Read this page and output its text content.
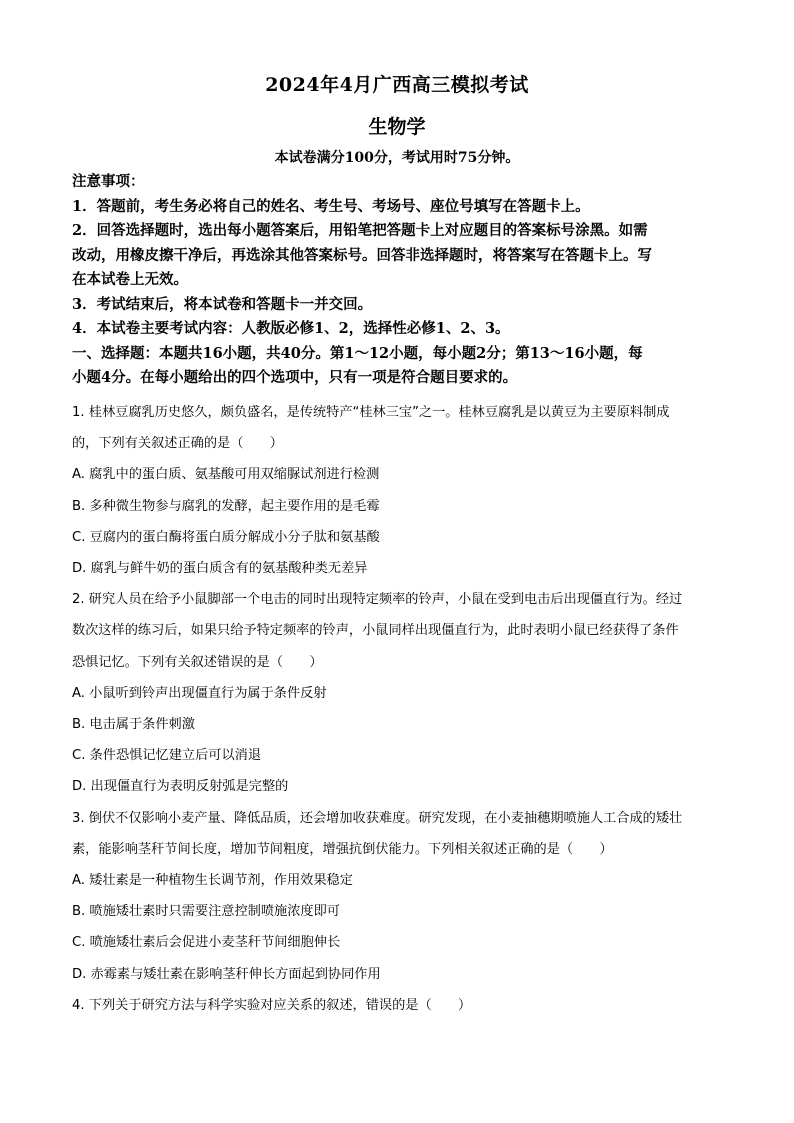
2024年4月广西高三模拟考试
生物学
本试卷满分100分，考试用时75分钟。

注意事项：

1．答题前，考生务必将自己的姓名、考生号、考场号、座位号填写在答题卡上。

2．回答选择题时，选出每小题答案后，用铅笔把答题卡上对应题目的答案标号涂黑。如需

改动，用橡皮擦干净后，再选涂其他答案标号。回答非选择题时，将答案写在答题卡上。写

在本试卷上无效。

3．考试结束后，将本试卷和答题卡一并交回。

4．本试卷主要考试内容：人教版必修1、2，选择性必修1、2、3。

一、选择题：本题共16小题，共40分。第1～12小题，每小题2分；第13～16小题，每

小题4分。在每小题给出的四个选项中，只有一项是符合题目要求的。

1. 桂林豆腐乳历史悠久，颇负盛名，是传统特产“桂林三宝”之一。桂林豆腐乳是以黄豆为主要原料制成

的，下列有关叙述正确的是（　　）

A. 腐乳中的蛋白质、氨基酸可用双缩脲试剂进行检测

B. 多种微生物参与腐乳的发酵，起主要作用的是毛霉

C. 豆腐内的蛋白酶将蛋白质分解成小分子肽和氨基酸

D. 腐乳与鲜牛奶的蛋白质含有的氨基酸种类无差异

2. 研究人员在给予小鼠脚部一个电击的同时出现特定频率的铃声，小鼠在受到电击后出现僵直行为。经过

数次这样的练习后，如果只给予特定频率的铃声，小鼠同样出现僵直行为，此时表明小鼠已经获得了条件

恐惧记忆。下列有关叙述错误的是（　　）

A. 小鼠听到铃声出现僵直行为属于条件反射

B. 电击属于条件刺激

C. 条件恐惧记忆建立后可以消退

D. 出现僵直行为表明反射弧是完整的

3. 倒伏不仅影响小麦产量、降低品质，还会增加收获难度。研究发现，在小麦抽穗期喷施人工合成的矮壮

素，能影响茎秆节间长度，增加节间粗度，增强抗倒伏能力。下列相关叙述正确的是（　　）

A. 矮壮素是一种植物生长调节剂，作用效果稳定

B. 喷施矮壮素时只需要注意控制喷施浓度即可

C. 喷施矮壮素后会促进小麦茎秆节间细胞伸长

D. 赤霉素与矮壮素在影响茎秆伸长方面起到协同作用

4. 下列关于研究方法与科学实验对应关系的叙述，错误的是（　　）
